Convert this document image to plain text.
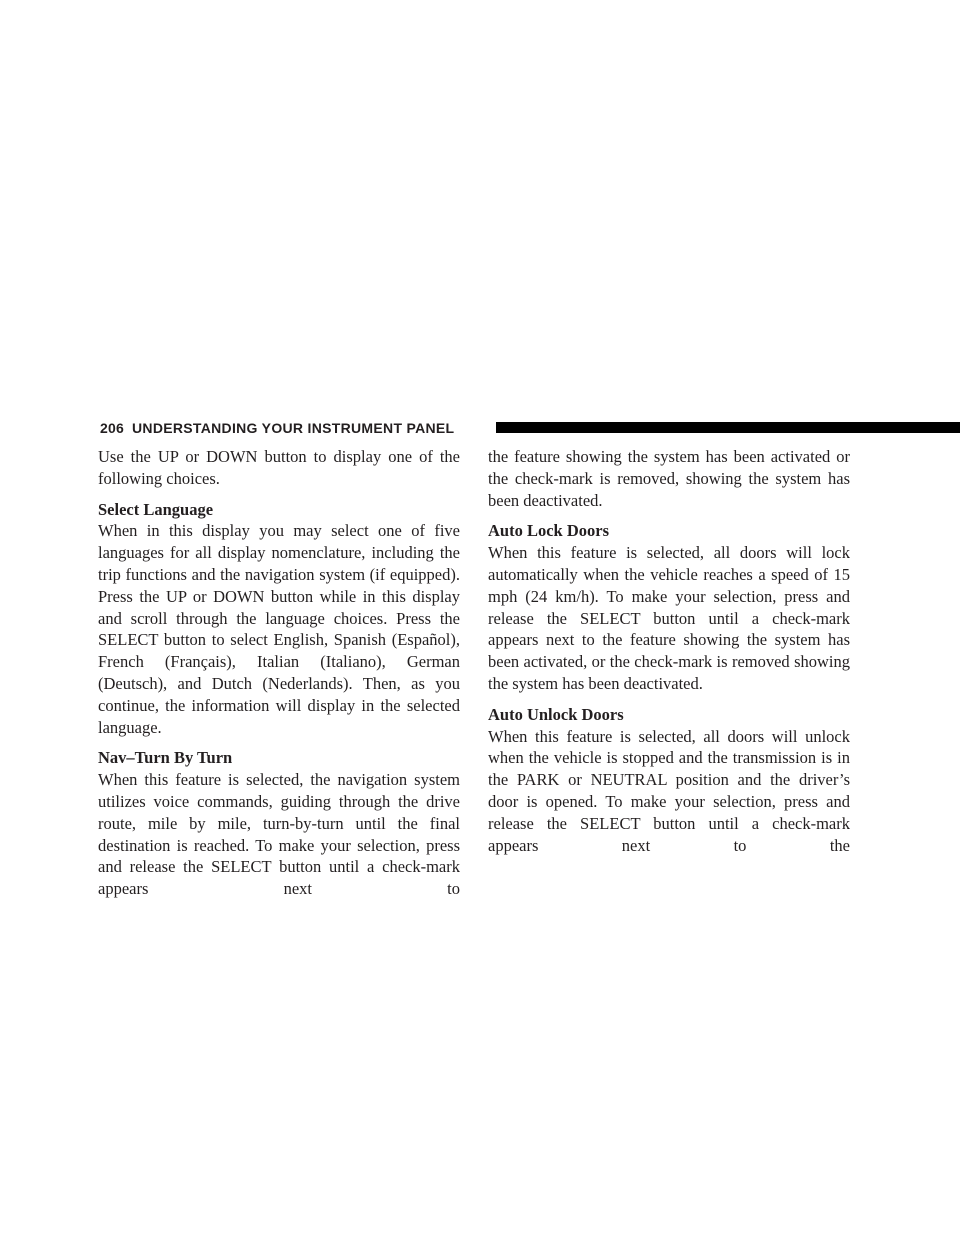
206 UNDERSTANDING YOUR INSTRUMENT PANEL

Use the UP or DOWN button to display one of the following choices.

Select Language

When in this display you may select one of five languages for all display nomenclature, including the trip functions and the navigation system (if equipped). Press the UP or DOWN button while in this display and scroll through the language choices. Press the SELECT button to select English, Spanish (Español), French (Français), Italian (Italiano), German (Deutsch), and Dutch (Nederlands). Then, as you continue, the information will display in the selected language.

Nav–Turn By Turn

When this feature is selected, the navigation system utilizes voice commands, guiding through the drive route, mile by mile, turn-by-turn until the final destination is reached. To make your selection, press and release the SELECT button until a check-mark appears next to

the feature showing the system has been activated or the check-mark is removed, showing the system has been deactivated.

Auto Lock Doors

When this feature is selected, all doors will lock automatically when the vehicle reaches a speed of 15 mph (24 km/h). To make your selection, press and release the SELECT button until a check-mark appears next to the feature showing the system has been activated, or the check-mark is removed showing the system has been deactivated.

Auto Unlock Doors

When this feature is selected, all doors will unlock when the vehicle is stopped and the transmission is in the PARK or NEUTRAL position and the driver’s door is opened. To make your selection, press and release the SELECT button until a check-mark appears next to the
